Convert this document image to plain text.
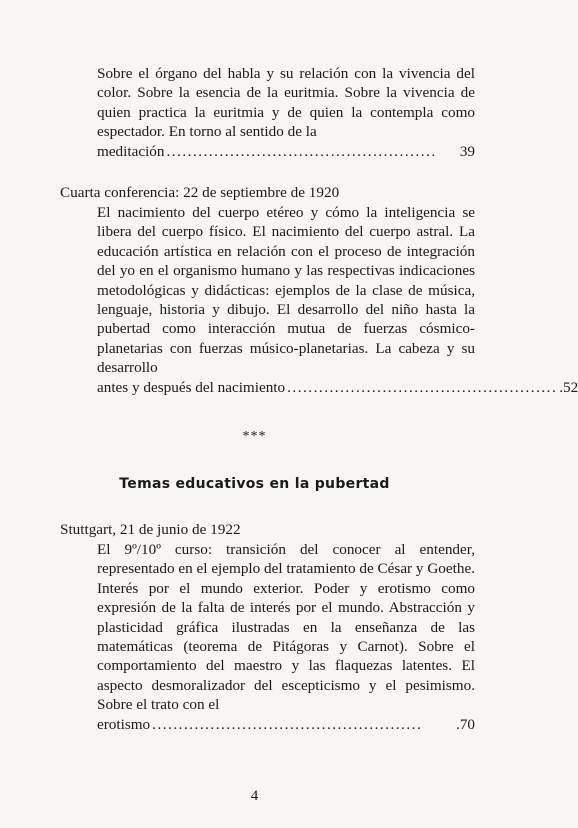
Sobre el órgano del habla y su relación con la vivencia del color. Sobre la esencia de la euritmia. Sobre la vivencia de quien practica la euritmia y de quien la contempla como espectador. En torno al sentido de la
meditación ...................................................	39
Cuarta conferencia: 22 de septiembre de 1920
El nacimiento del cuerpo etéreo y cómo la inteligencia se libera del cuerpo físico. El nacimiento del cuerpo astral. La educación artística en relación con el proceso de integración del yo en el organismo humano y las respectivas indicaciones metodológicas y didácticas: ejemplos de la clase de música, lenguaje, historia y dibujo. El desarrollo del niño hasta la pubertad como interacción mutua de fuerzas cósmico-planetarias con fuerzas músico-planetarias. La cabeza y su desarrollo
antes y después del nacimiento ................................................... .52
***
Temas educativos en la pubertad
Stuttgart, 21 de junio de 1922
El 9º/10º curso: transición del conocer al entender, representado en el ejemplo del tratamiento de César y Goethe. Interés por el mundo exterior. Poder y erotismo como expresión de la falta de interés por el mundo. Abstracción y plasticidad gráfica ilustradas en la enseñanza de las matemáticas (teorema de Pitágoras y Carnot). Sobre el comportamiento del maestro y las flaquezas latentes. El aspecto desmoralizador del escepticismo y el pesimismo. Sobre el trato con el
erotismo ...................................................	.70
4
